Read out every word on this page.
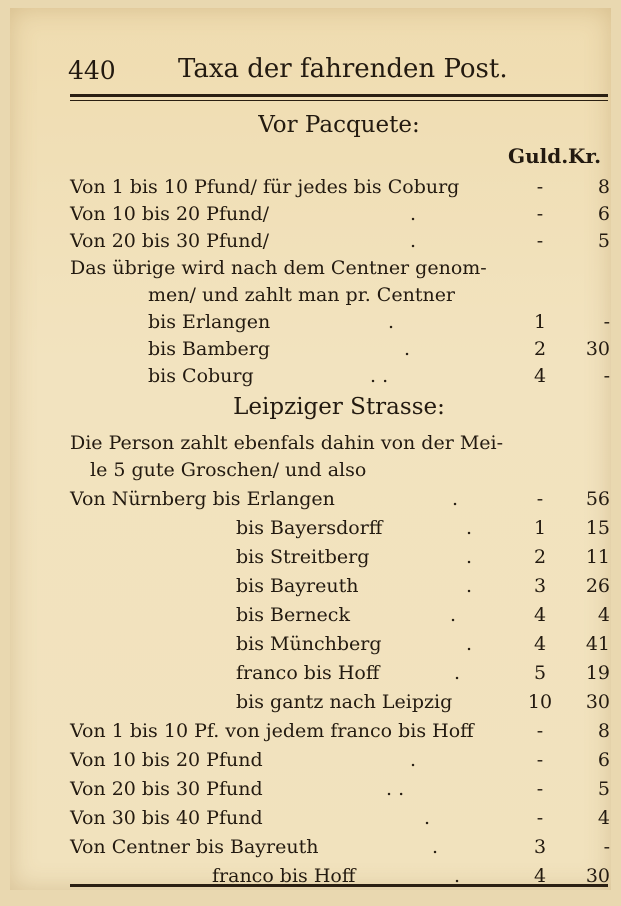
440 Taxa der fahrenden Post.
Vor Pacquete:
Guld. Kr.
Von 1 bis 10 Pfund/ für jedes bis Coburg	-	8
Von 10 bis 20 Pfund/	.	-	6
Von 20 bis 30 Pfund/	.	-	5
Das übrige wird nach dem Centner genom-
men/ und zahlt man pr. Centner
bis Erlangen	.	1	-
bis Bamberg	.	2	30
bis Coburg	. .	4	-
Leipziger Strasse:
Die Person zahlt ebenfals dahin von der Mei-
le 5 gute Groschen/ und also
Von Nürnberg bis Erlangen	.	-	56
bis Bayersdorff	.	1	15
bis Streitberg	.	2	11
bis Bayreuth	.	3	26
bis Berneck	.	4	4
bis Münchberg	.	4	41
franco bis Hoff	.	5	19
bis gantz nach Leipzig	10	30
Von 1 bis 10 Pf. von jedem franco bis Hoff	-	8
Von 10 bis 20 Pfund	.	-	6
Von 20 bis 30 Pfund	. .	-	5
Von 30 bis 40 Pfund	.	-	4
Von Centner bis Bayreuth	.	3	-
franco bis Hoff	.	4	30
